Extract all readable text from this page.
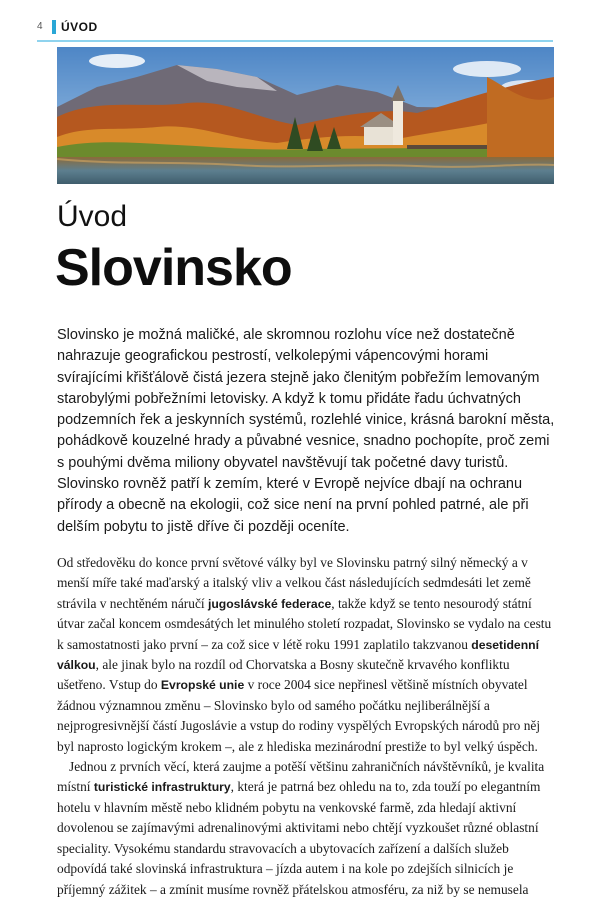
4 ÚVOD
Úvod
Slovinsko

Slovinsko je možná maličké, ale skromnou rozlohu více než dostatečně nahrazuje geografickou pestrostí, velkolepými vápencovými horami svírajícími křišťálově čistá jezera stejně jako členitým pobřežím lemovaným starobylými pobřežními letovisky. A když k tomu přidáte řadu úchvatných podzemních řek a jeskynních systémů, rozlehlé vinice, krásná barokní města, pohádkově kouzelné hrady a půvabné vesnice, snadno pochopíte, proč zemi s pouhými dvěma miliony obyvatel navštěvují tak početné davy turistů. Slovinsko rovněž patří k zemím, které v Evropě nejvíce dbají na ochranu přírody a obecně na ekologii, což sice není na první pohled patrné, ale při delším pobytu to jistě dříve či později oceníte.

Od středověku do konce první světové války byl ve Slovinsku patrný silný německý a v menší míře také maďarský a italský vliv a velkou část následujících sedmdesáti let země strávila v nechtěném náručí jugoslávské federace, takže když se tento nesourodý státní útvar začal koncem osmdesátých let minulého století rozpadat, Slovinsko se vydalo na cestu k samostatnosti jako první – za což sice v létě roku 1991 zaplatilo takzvanou desetidenní válkou, ale jinak bylo na rozdíl od Chorvatska a Bosny skutečně krvavého konfliktu ušetřeno. Vstup do Evropské unie v roce 2004 sice nepřinesl většině místních obyvatel žádnou významnou změnu – Slovinsko bylo od samého počátku nejliberálnější a nejprogresivnější částí Jugoslávie a vstup do rodiny vyspělých Evropských národů pro něj byl naprosto logickým krokem –, ale z hlediska mezinárodní prestiže to byl velký úspěch.

Jednou z prvních věcí, která zaujme a potěší většinu zahraničních návštěvníků, je kvalita místní turistické infrastruktury, která je patrná bez ohledu na to, zda touží po elegantním hotelu v hlavním městě nebo klidném pobytu na venkovské farmě, zda hledají aktivní dovolenou se zajímavými adrenalinovými aktivitami nebo chtějí vyzkoušet různé oblastní speciality. Vysokému standardu stravovacích a ubytovacích zařízení a dalších služeb odpovídá také slovinská infrastruktura – jízda autem i na kole po zdejších silnicích je příjemný zážitek – a zmínit musíme rovněž přátelskou atmosféru, za niž by se nemusela
